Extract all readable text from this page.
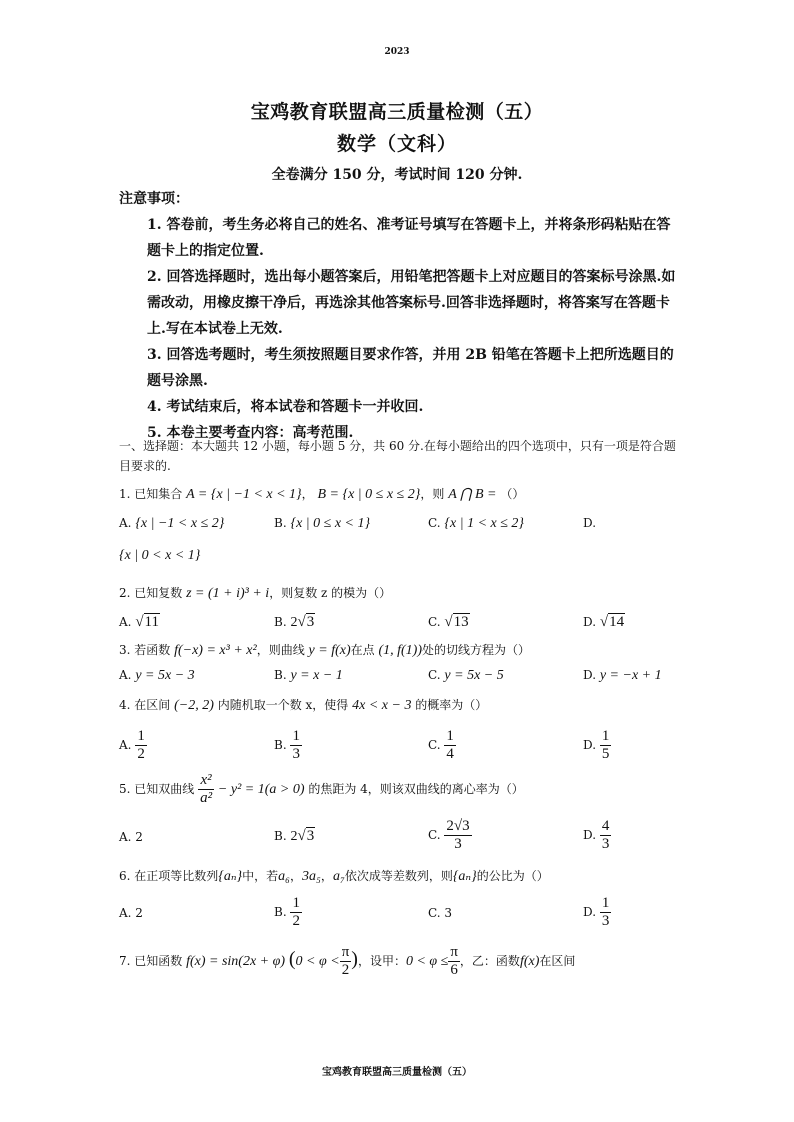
2023
宝鸡教育联盟高三质量检测（五）
数学（文科）
全卷满分 150 分，考试时间 120 分钟.
注意事项：
1. 答卷前，考生务必将自己的姓名、准考证号填写在答题卡上，并将条形码粘贴在答题卡上的指定位置.
2. 回答选择题时，选出每小题答案后，用铅笔把答题卡上对应题目的答案标号涂黑.如需改动，用橡皮擦干净后，再选涂其他答案标号.回答非选择题时，将答案写在答题卡上.写在本试卷上无效.
3. 回答选考题时，考生须按照题目要求作答，并用 2B 铅笔在答题卡上把所选题目的题号涂黑.
4. 考试结束后，将本试卷和答题卡一并收回.
5. 本卷主要考查内容：高考范围.
一、选择题：本大题共 12 小题，每小题 5 分，共 60 分.在每小题给出的四个选项中，只有一项是符合题目要求的.
1. 已知集合 A = {x | −1 < x < 1}， B = {x | 0 ≤ x ≤ 2}，则 A ⋂ B = （）
A. {x | −1 < x ≤ 2}	B. {x | 0 ≤ x < 1}	C. {x | 1 < x ≤ 2}	D.
{x | 0 < x < 1}
2. 已知复数 z = (1 + i)³ + i，则复数 z 的模为（）
A. √11	B. 2√3	C. √13	D. √14
3. 若函数 f(−x) = x³ + x²，则曲线 y = f(x)在点 (1, f(1))处的切线方程为（）
A. y = 5x − 3	B. y = x − 1	C. y = 5x − 5	D. y = −x + 1
4. 在区间 (−2, 2) 内随机取一个数 x，使得 4x < x − 3 的概率为（）
A. $\frac{1}{2}$	B. $\frac{1}{3}$	C. $\frac{1}{4}$	D. $\frac{1}{5}$
5. 已知双曲线 $\frac{\text{x²}}{\text{a²}} - y^2 = 1(a > 0)$ 的焦距为 4，则该双曲线的离心率为（）
A. 2	B. 2√3	C. $\frac{2√3}{3}$	D. $\frac{4}{3}$
6. 在正项等比数列{aₙ}中，若a₆，3a₅，a₇依次成等差数列，则{aₙ}的公比为（）
A. 2	B. $\frac{1}{2}$	C. 3	D. $\frac{1}{3}$
7. 已知函数 f(x) = sin(2x + φ) ($0 < \varphi < \frac{\pi}{2}$ )，设甲：$0 < \varphi \le \frac{\pi}{6}$ ，乙：函数f(x)在区间
宝鸡教育联盟高三质量检测（五）
